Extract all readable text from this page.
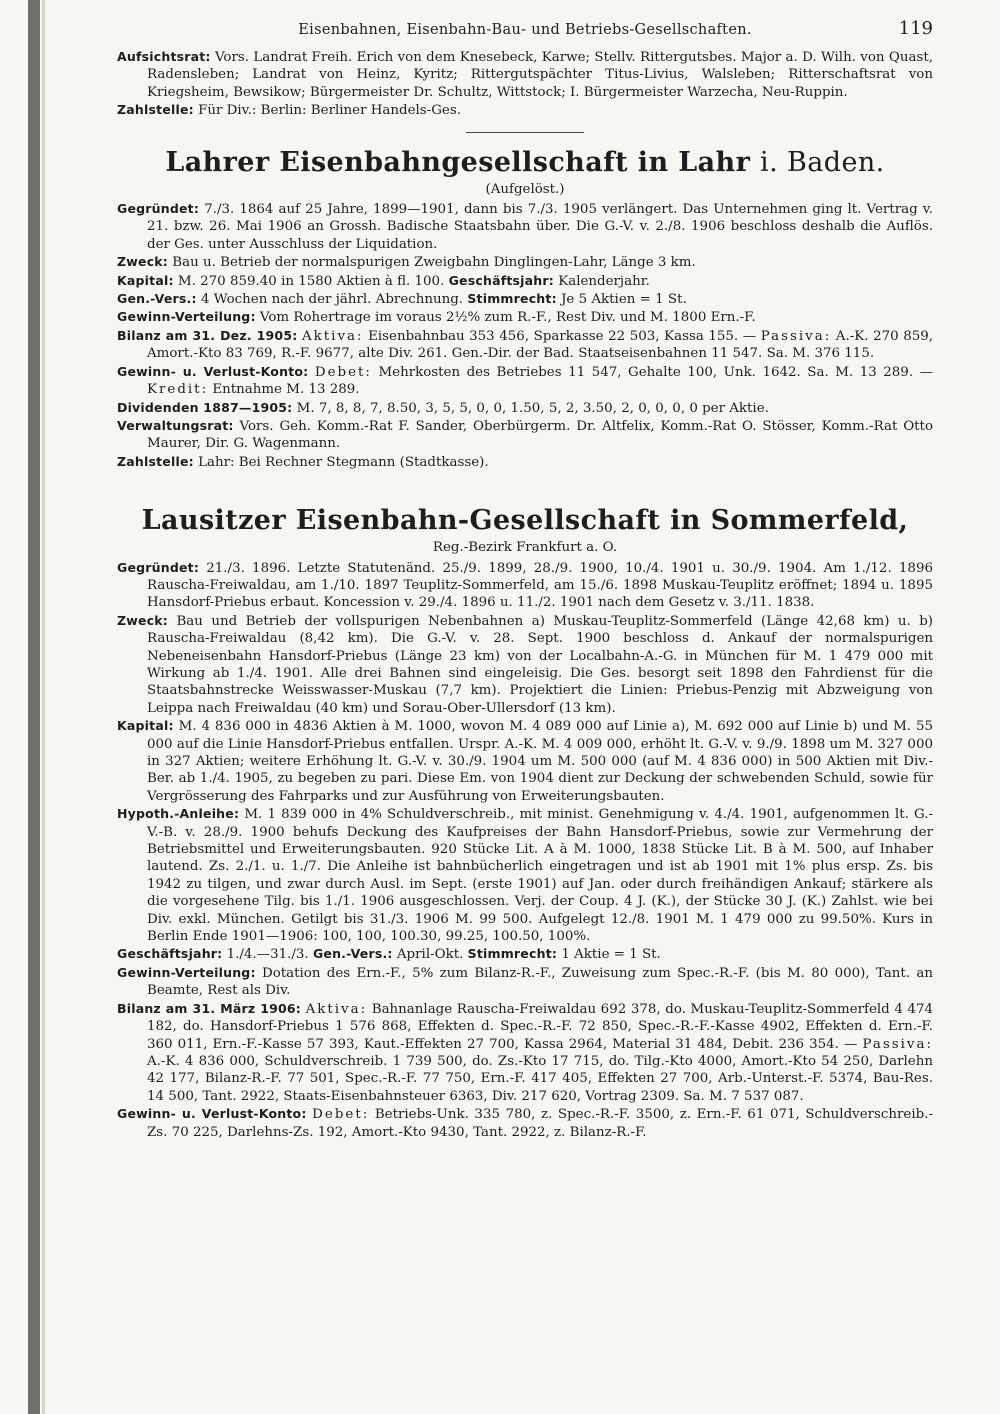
Eisenbahnen, Eisenbahn-Bau- und Betriebs-Gesellschaften.	119

Aufsichtsrat: Vors. Landrat Freih. Erich von dem Knesebeck, Karwe; Stellv. Rittergutsbes. Major a. D. Wilh. von Quast, Radensleben; Landrat von Heinz, Kyritz; Rittergutspächter Titus-Livius, Walsleben; Ritterschaftsrat von Kriegsheim, Bewsikow; Bürgermeister Dr. Schultz, Wittstock; I. Bürgermeister Warzecha, Neu-Ruppin.

Zahlstelle: Für Div.: Berlin: Berliner Handels-Ges.

Lahrer Eisenbahngesellschaft in Lahr i. Baden.
(Aufgelöst.)

Gegründet: 7./3. 1864 auf 25 Jahre, 1899—1901, dann bis 7./3. 1905 verlängert. Das Unternehmen ging lt. Vertrag v. 21. bzw. 26. Mai 1906 an Grossh. Badische Staatsbahn über. Die G.-V. v. 2./8. 1906 beschloss deshalb die Auflös. der Ges. unter Ausschluss der Liquidation.

Zweck: Bau u. Betrieb der normalspurigen Zweigbahn Dinglingen-Lahr, Länge 3 km.

Kapital: M. 270 859.40 in 1580 Aktien à fl. 100. Geschäftsjahr: Kalenderjahr.

Gen.-Vers.: 4 Wochen nach der jährl. Abrechnung. Stimmrecht: Je 5 Aktien = 1 St.

Gewinn-Verteilung: Vom Rohertrage im voraus 2½% zum R.-F., Rest Div. und M. 1800 Ern.-F.

Bilanz am 31. Dez. 1905: Aktiva: Eisenbahnbau 353 456, Sparkasse 22 503, Kassa 155. — Passiva: A.-K. 270 859, Amort.-Kto 83 769, R.-F. 9677, alte Div. 261. Gen.-Dir. der Bad. Staatseisenbahnen 11 547. Sa. M. 376 115.

Gewinn- u. Verlust-Konto: Debet: Mehrkosten des Betriebes 11 547, Gehalte 100, Unk. 1642. Sa. M. 13 289. — Kredit: Entnahme M. 13 289.

Dividenden 1887—1905: M. 7, 8, 8, 7, 8.50, 3, 5, 5, 0, 0, 1.50, 5, 2, 3.50, 2, 0, 0, 0, 0 per Aktie.

Verwaltungsrat: Vors. Geh. Komm.-Rat F. Sander, Oberbürgerm. Dr. Altfelix, Komm.-Rat O. Stösser, Komm.-Rat Otto Maurer, Dir. G. Wagenmann.

Zahlstelle: Lahr: Bei Rechner Stegmann (Stadtkasse).

Lausitzer Eisenbahn-Gesellschaft in Sommerfeld,
Reg.-Bezirk Frankfurt a. O.

Gegründet: 21./3. 1896. Letzte Statutenänd. 25./9. 1899, 28./9. 1900, 10./4. 1901 u. 30./9. 1904. Am 1./12. 1896 Rauscha-Freiwaldau, am 1./10. 1897 Teuplitz-Sommerfeld, am 15./6. 1898 Muskau-Teuplitz eröffnet; 1894 u. 1895 Hansdorf-Priebus erbaut. Koncession v. 29./4. 1896 u. 11./2. 1901 nach dem Gesetz v. 3./11. 1838.

Zweck: Bau und Betrieb der vollspurigen Nebenbahnen a) Muskau-Teuplitz-Sommerfeld (Länge 42,68 km) u. b) Rauscha-Freiwaldau (8,42 km). Die G.-V. v. 28. Sept. 1900 beschloss d. Ankauf der normalspurigen Nebeneisenbahn Hansdorf-Priebus (Länge 23 km) von der Localbahn-A.-G. in München für M. 1 479 000 mit Wirkung ab 1./4. 1901. Alle drei Bahnen sind eingeleisig. Die Ges. besorgt seit 1898 den Fahrdienst für die Staatsbahnstrecke Weisswasser-Muskau (7,7 km). Projektiert die Linien: Priebus-Penzig mit Abzweigung von Leippa nach Freiwaldau (40 km) und Sorau-Ober-Ullersdorf (13 km).

Kapital: M. 4 836 000 in 4836 Aktien à M. 1000, wovon M. 4 089 000 auf Linie a), M. 692 000 auf Linie b) und M. 55 000 auf die Linie Hansdorf-Priebus entfallen. Urspr. A.-K. M. 4 009 000, erhöht lt. G.-V. v. 9./9. 1898 um M. 327 000 in 327 Aktien; weitere Erhöhung lt. G.-V. v. 30./9. 1904 um M. 500 000 (auf M. 4 836 000) in 500 Aktien mit Div.-Ber. ab 1./4. 1905, zu begeben zu pari. Diese Em. von 1904 dient zur Deckung der schwebenden Schuld, sowie für Vergrösserung des Fahrparks und zur Ausführung von Erweiterungsbauten.

Hypoth.-Anleihe: M. 1 839 000 in 4% Schuldverschreib., mit minist. Genehmigung v. 4./4. 1901, aufgenommen lt. G.-V.-B. v. 28./9. 1900 behufs Deckung des Kaufpreises der Bahn Hansdorf-Priebus, sowie zur Vermehrung der Betriebsmittel und Erweiterungsbauten. 920 Stücke Lit. A à M. 1000, 1838 Stücke Lit. B à M. 500, auf Inhaber lautend. Zs. 2./1. u. 1./7. Die Anleihe ist bahnbücherlich eingetragen und ist ab 1901 mit 1% plus ersp. Zs. bis 1942 zu tilgen, und zwar durch Ausl. im Sept. (erste 1901) auf Jan. oder durch freihändigen Ankauf; stärkere als die vorgesehene Tilg. bis 1./1. 1906 ausgeschlossen. Verj. der Coup. 4 J. (K.), der Stücke 30 J. (K.) Zahlst. wie bei Div. exkl. München. Getilgt bis 31./3. 1906 M. 99 500. Aufgelegt 12./8. 1901 M. 1 479 000 zu 99.50%. Kurs in Berlin Ende 1901—1906: 100, 100, 100.30, 99.25, 100.50, 100%.

Geschäftsjahr: 1./4.—31./3. Gen.-Vers.: April-Okt. Stimmrecht: 1 Aktie = 1 St.

Gewinn-Verteilung: Dotation des Ern.-F., 5% zum Bilanz-R.-F., Zuweisung zum Spec.-R.-F. (bis M. 80 000), Tant. an Beamte, Rest als Div.

Bilanz am 31. März 1906: Aktiva: Bahnanlage Rauscha-Freiwaldau 692 378, do. Muskau-Teuplitz-Sommerfeld 4 474 182, do. Hansdorf-Priebus 1 576 868, Effekten d. Spec.-R.-F. 72 850, Spec.-R.-F.-Kasse 4902, Effekten d. Ern.-F. 360 011, Ern.-F.-Kasse 57 393, Kaut.-Effekten 27 700, Kassa 2964, Material 31 484, Debit. 236 354. — Passiva: A.-K. 4 836 000, Schuldverschreib. 1 739 500, do. Zs.-Kto 17 715, do. Tilg.-Kto 4000, Amort.-Kto 54 250, Darlehn 42 177, Bilanz-R.-F. 77 501, Spec.-R.-F. 77 750, Ern.-F. 417 405, Effekten 27 700, Arb.-Unterst.-F. 5374, Bau-Res. 14 500, Tant. 2922, Staats-Eisenbahnsteuer 6363, Div. 217 620, Vortrag 2309. Sa. M. 7 537 087.

Gewinn- u. Verlust-Konto: Debet: Betriebs-Unk. 335 780, z. Spec.-R.-F. 3500, z. Ern.-F. 61 071, Schuldverschreib.-Zs. 70 225, Darlehns-Zs. 192, Amort.-Kto 9430, Tant. 2922, z. Bilanz-R.-F.
